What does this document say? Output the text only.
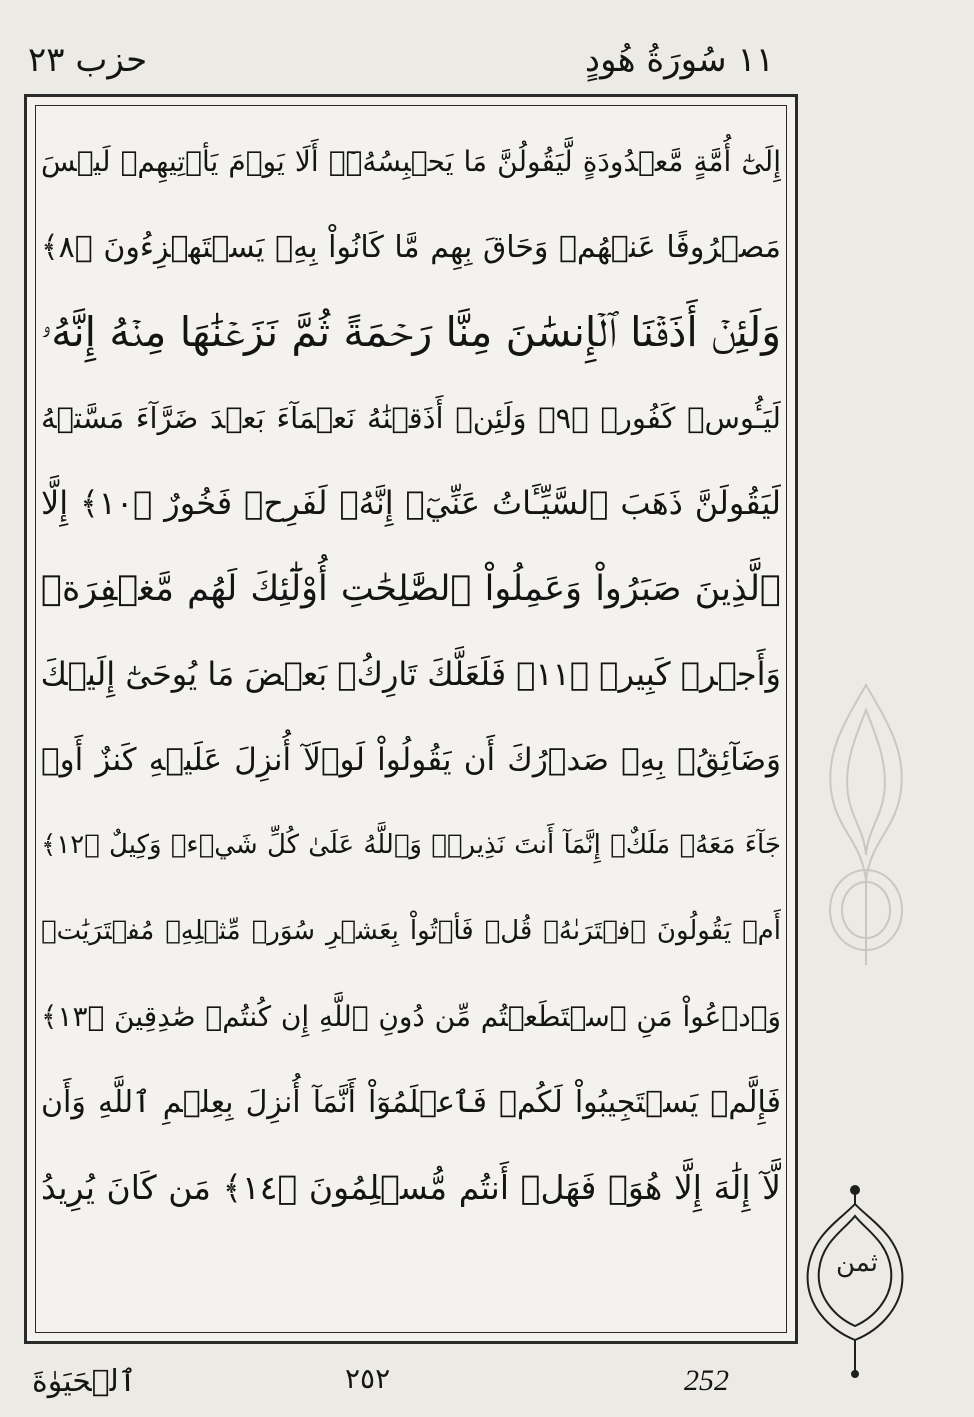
حزب ٢٣	١١ سُورَةُ هُودٍ
إِلَىٰٓ أُمَّةٍ مَّعۡدُودَةٍ لَّيَقُولُنَّ مَا يَحۡبِسُهُۥٓۗ أَلَا يَوۡمَ يَأۡتِيهِمۡ لَيۡسَ
مَصۡرُوفًا عَنۡهُمۡ وَحَاقَ بِهِم مَّا كَانُواْ بِهِۦ يَسۡتَهۡزِءُونَ ﴿٨﴾
وَلَئِنۡ أَذَقۡنَا ٱلۡإِنسَٰنَ مِنَّا رَحۡمَةً ثُمَّ نَزَعۡنَٰهَا مِنۡهُ إِنَّهُۥ
لَيَـُٔوسٞ كَفُورٞ ﴿٩﴾ وَلَئِنۡ أَذَقۡنَٰهُ نَعۡمَآءَ بَعۡدَ ضَرَّآءَ مَسَّتۡهُ
لَيَقُولَنَّ ذَهَبَ ٱلسَّيِّـَٔاتُ عَنِّيٓۚ إِنَّهُۥ لَفَرِحٞ فَخُورٌ ﴿١٠﴾ إِلَّا
ٱلَّذِينَ صَبَرُواْ وَعَمِلُواْ ٱلصَّٰلِحَٰتِ أُوْلَٰٓئِكَ لَهُم مَّغۡفِرَةٞ
وَأَجۡرٞ كَبِيرٞ ﴿١١﴾ فَلَعَلَّكَ تَارِكُۢ بَعۡضَ مَا يُوحَىٰٓ إِلَيۡكَ
وَضَآئِقُۢ بِهِۦ صَدۡرُكَ أَن يَقُولُواْ لَوۡلَآ أُنزِلَ عَلَيۡهِ كَنزٌ أَوۡ
جَآءَ مَعَهُۥ مَلَكٌۚ إِنَّمَآ أَنتَ نَذِيرٞۚ وَٱللَّهُ عَلَىٰ كُلِّ شَيۡءٖ وَكِيلٌ ﴿١٢﴾
أَمۡ يَقُولُونَ ٱفۡتَرَىٰهُۖ قُلۡ فَأۡتُواْ بِعَشۡرِ سُوَرٖ مِّثۡلِهِۦ مُفۡتَرَيَٰتٖ
وَٱدۡعُواْ مَنِ ٱسۡتَطَعۡتُم مِّن دُونِ ٱللَّهِ إِن كُنتُمۡ صَٰدِقِينَ ﴿١٣﴾
فَإِلَّمۡ يَسۡتَجِيبُواْ لَكُمۡ فَٱعۡلَمُوٓاْ أَنَّمَآ أُنزِلَ بِعِلۡمِ ٱللَّهِ وَأَن
لَّآ إِلَٰهَ إِلَّا هُوَۖ فَهَلۡ أَنتُم مُّسۡلِمُونَ ﴿١٤﴾ مَن كَانَ يُرِيدُ
ثمن
ٱلۡحَيَوٰةَ	٢٥٢	252
